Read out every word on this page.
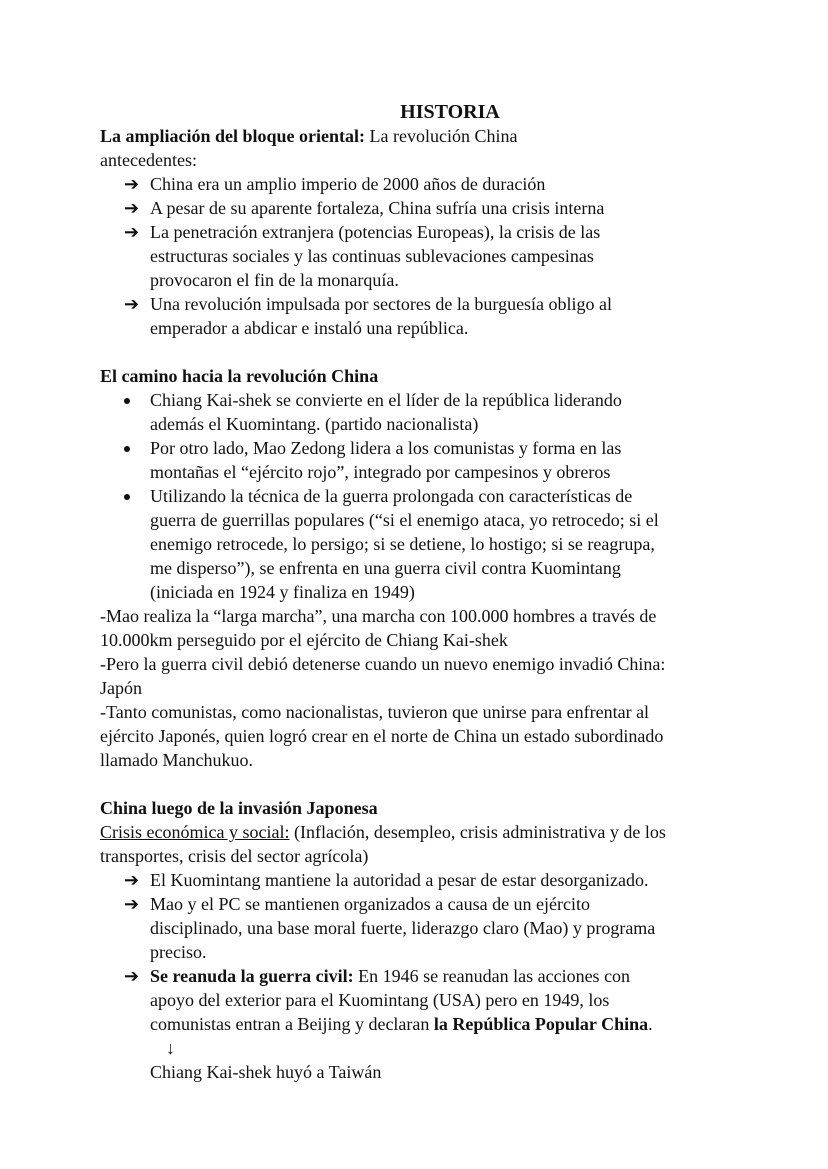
HISTORIA
La ampliación del bloque oriental: La revolución China
antecedentes:
➔ China era un amplio imperio de 2000 años de duración
➔ A pesar de su aparente fortaleza, China sufría una crisis interna
➔ La penetración extranjera (potencias Europeas), la crisis de las
estructuras sociales y las continuas sublevaciones campesinas
provocaron el fin de la monarquía.
➔ Una revolución impulsada por sectores de la burguesía obligo al
emperador a abdicar e instaló una república.
El camino hacia la revolución China
Chiang Kai-shek se convierte en el líder de la república liderando
además el Kuomintang. (partido nacionalista)
Por otro lado, Mao Zedong lidera a los comunistas y forma en las
montañas el “ejército rojo”, integrado por campesinos y obreros
Utilizando la técnica de la guerra prolongada con características de
guerra de guerrillas populares (“si el enemigo ataca, yo retrocedo; si el
enemigo retrocede, lo persigo; si se detiene, lo hostigo; si se reagrupa,
me disperso”), se enfrenta en una guerra civil contra Kuomintang
(iniciada en 1924 y finaliza en 1949)
-Mao realiza la “larga marcha”, una marcha con 100.000 hombres a través de
10.000km perseguido por el ejército de Chiang Kai-shek
-Pero la guerra civil debió detenerse cuando un nuevo enemigo invadió China:
Japón
-Tanto comunistas, como nacionalistas, tuvieron que unirse para enfrentar al
ejército Japonés, quien logró crear en el norte de China un estado subordinado
llamado Manchukuo.
China luego de la invasión Japonesa
Crisis económica y social: (Inflación, desempleo, crisis administrativa y de los
transportes, crisis del sector agrícola)
➔ El Kuomintang mantiene la autoridad a pesar de estar desorganizado.
➔ Mao y el PC se mantienen organizados a causa de un ejército
disciplinado, una base moral fuerte, liderazgo claro (Mao) y programa
preciso.
➔ Se reanuda la guerra civil: En 1946 se reanudan las acciones con
apoyo del exterior para el Kuomintang (USA) pero en 1949, los
comunistas entran a Beijing y declaran la República Popular China.
↓
Chiang Kai-shek huyó a Taiwán
